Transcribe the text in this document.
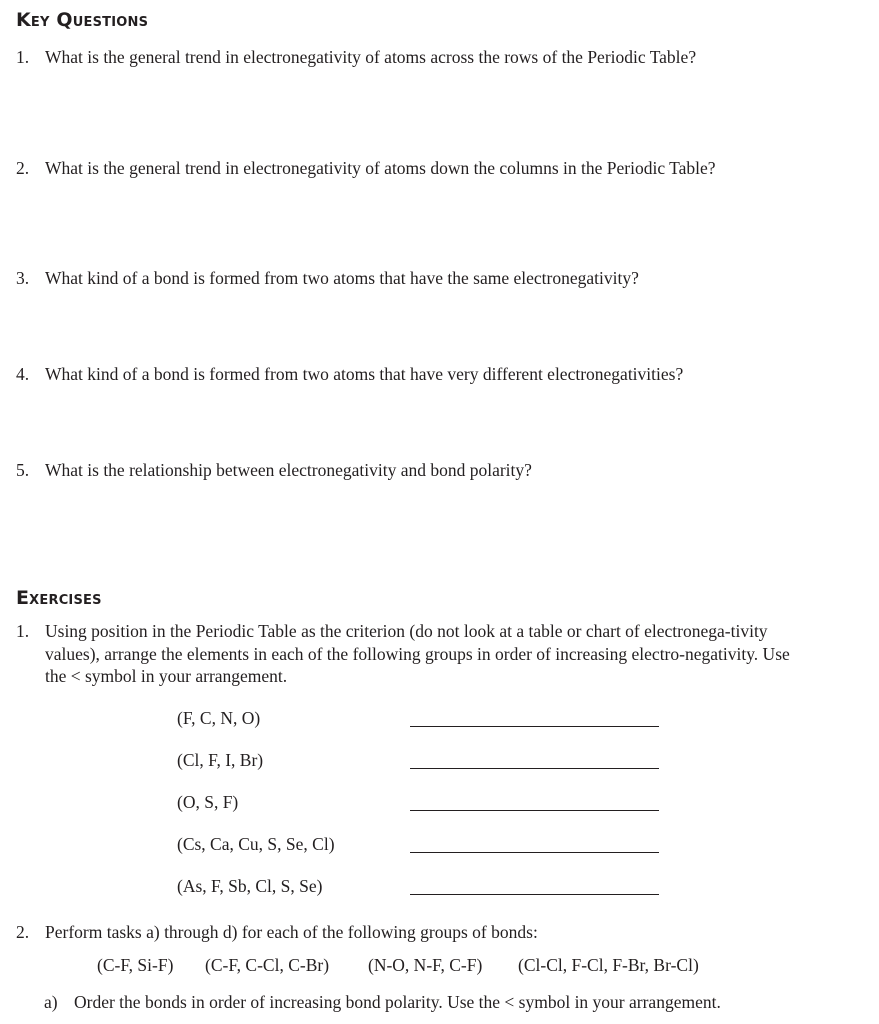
Key Questions
1. What is the general trend in electronegativity of atoms across the rows of the Periodic Table?
2. What is the general trend in electronegativity of atoms down the columns in the Periodic Table?
3. What kind of a bond is formed from two atoms that have the same electronegativity?
4. What kind of a bond is formed from two atoms that have very different electronegativities?
5. What is the relationship between electronegativity and bond polarity?
Exercises
1. Using position in the Periodic Table as the criterion (do not look at a table or chart of electronega-tivity values), arrange the elements in each of the following groups in order of increasing electro-negativity. Use the < symbol in your arrangement.
(F, C, N, O)
(Cl, F, I, Br)
(O, S, F)
(Cs, Ca, Cu, S, Se, Cl)
(As, F, Sb, Cl, S, Se)
2. Perform tasks a) through d) for each of the following groups of bonds:
(C-F, Si-F) (C-F, C-Cl, C-Br) (N-O, N-F, C-F) (Cl-Cl, F-Cl, F-Br, Br-Cl)
a) Order the bonds in order of increasing bond polarity. Use the < symbol in your arrangement.
